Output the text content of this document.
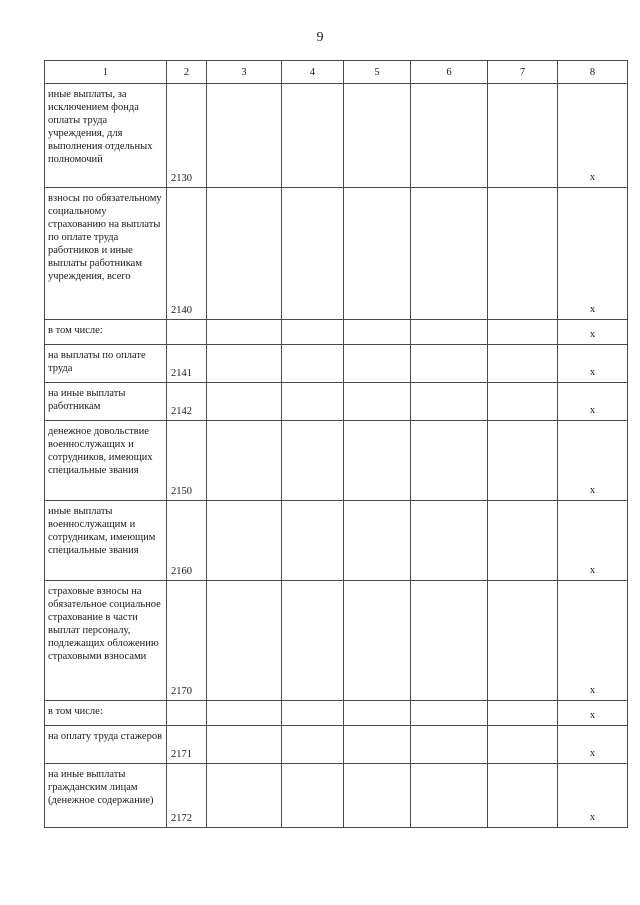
9
1	2	3	4	5	6	7	8
иные выплаты, за исключением фонда оплаты труда учреждения, для выполнения отдельных полномочий	2130						x
взносы по обязательному социальному страхованию на выплаты по оплате труда работников и иные выплаты работникам учреждения, всего	2140						x
в том числе:							x
на выплаты по оплате труда	2141						x
на иные выплаты работникам	2142						x
денежное довольствие военнослужащих и сотрудников, имеющих специальные звания	2150						x
иные выплаты военнослужащим и сотрудникам, имеющим специальные звания	2160						x
страховые взносы на обязательное социальное страхование в части выплат персоналу, подлежащих обложению страховыми взносами	2170						x
в том числе:							x
на оплату труда стажеров	2171						x
на иные выплаты гражданским лицам (денежное содержание)	2172						x
